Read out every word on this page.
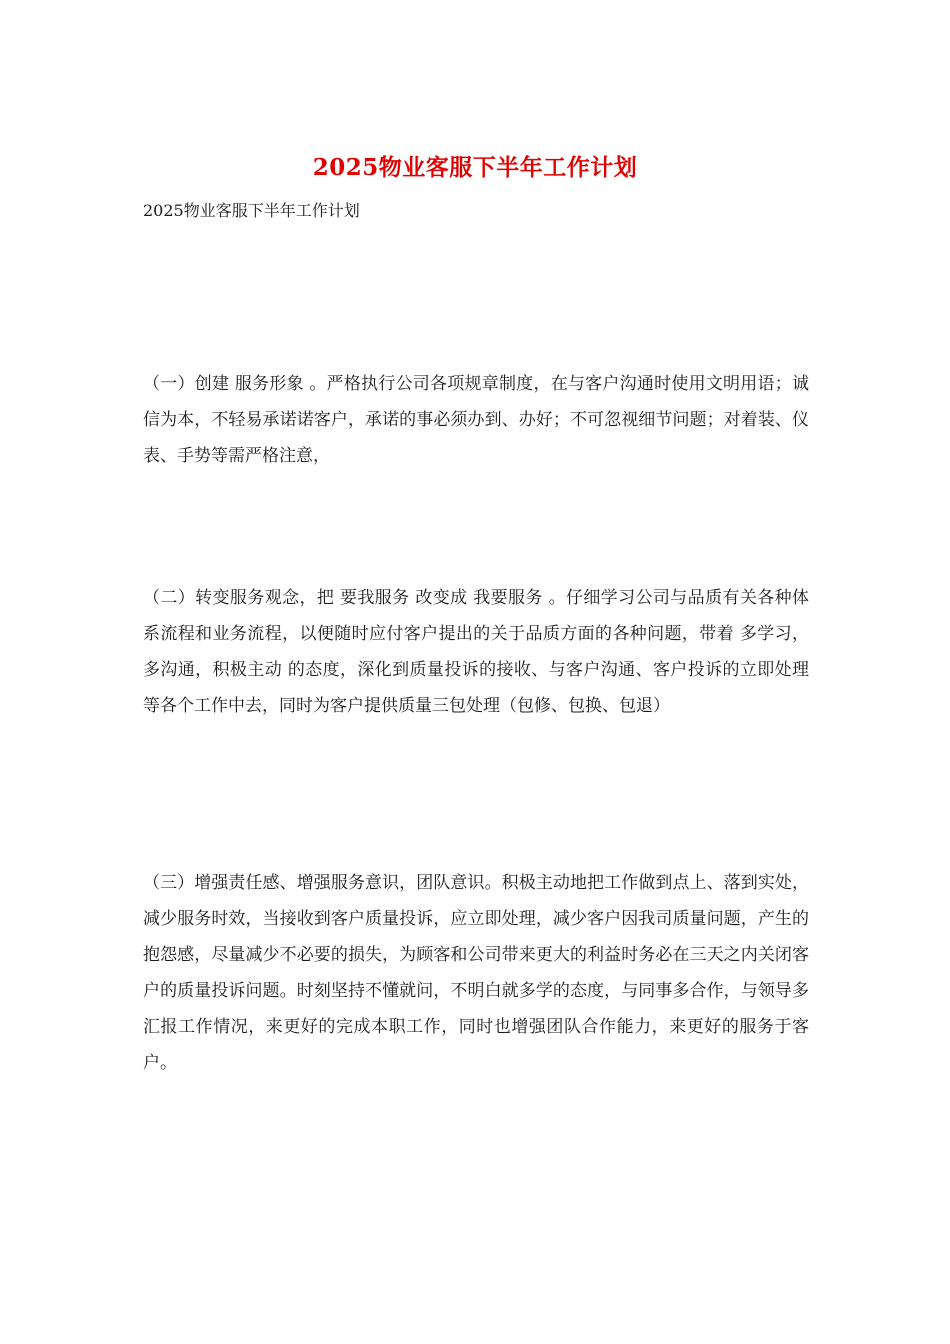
2025物业客服下半年工作计划

2025物业客服下半年工作计划

（一）创建 服务形象 。严格执行公司各项规章制度，在与客户沟通时使用文明用语；诚信为本，不轻易承诺诺客户，承诺的事必须办到、办好；不可忽视细节问题；对着装、仪表、手势等需严格注意，

（二）转变服务观念，把 要我服务 改变成 我要服务 。仔细学习公司与品质有关各种体系流程和业务流程，以便随时应付客户提出的关于品质方面的各种问题，带着 多学习，多沟通，积极主动 的态度，深化到质量投诉的接收、与客户沟通、客户投诉的立即处理等各个工作中去，同时为客户提供质量三包处理（包修、包换、包退）

（三）增强责任感、增强服务意识，团队意识。积极主动地把工作做到点上、落到实处，减少服务时效，当接收到客户质量投诉，应立即处理，减少客户因我司质量问题，产生的抱怨感，尽量减少不必要的损失，为顾客和公司带来更大的利益时务必在三天之内关闭客户的质量投诉问题。时刻坚持不懂就问，不明白就多学的态度，与同事多合作，与领导多汇报工作情况，来更好的完成本职工作，同时也增强团队合作能力，来更好的服务于客户。
